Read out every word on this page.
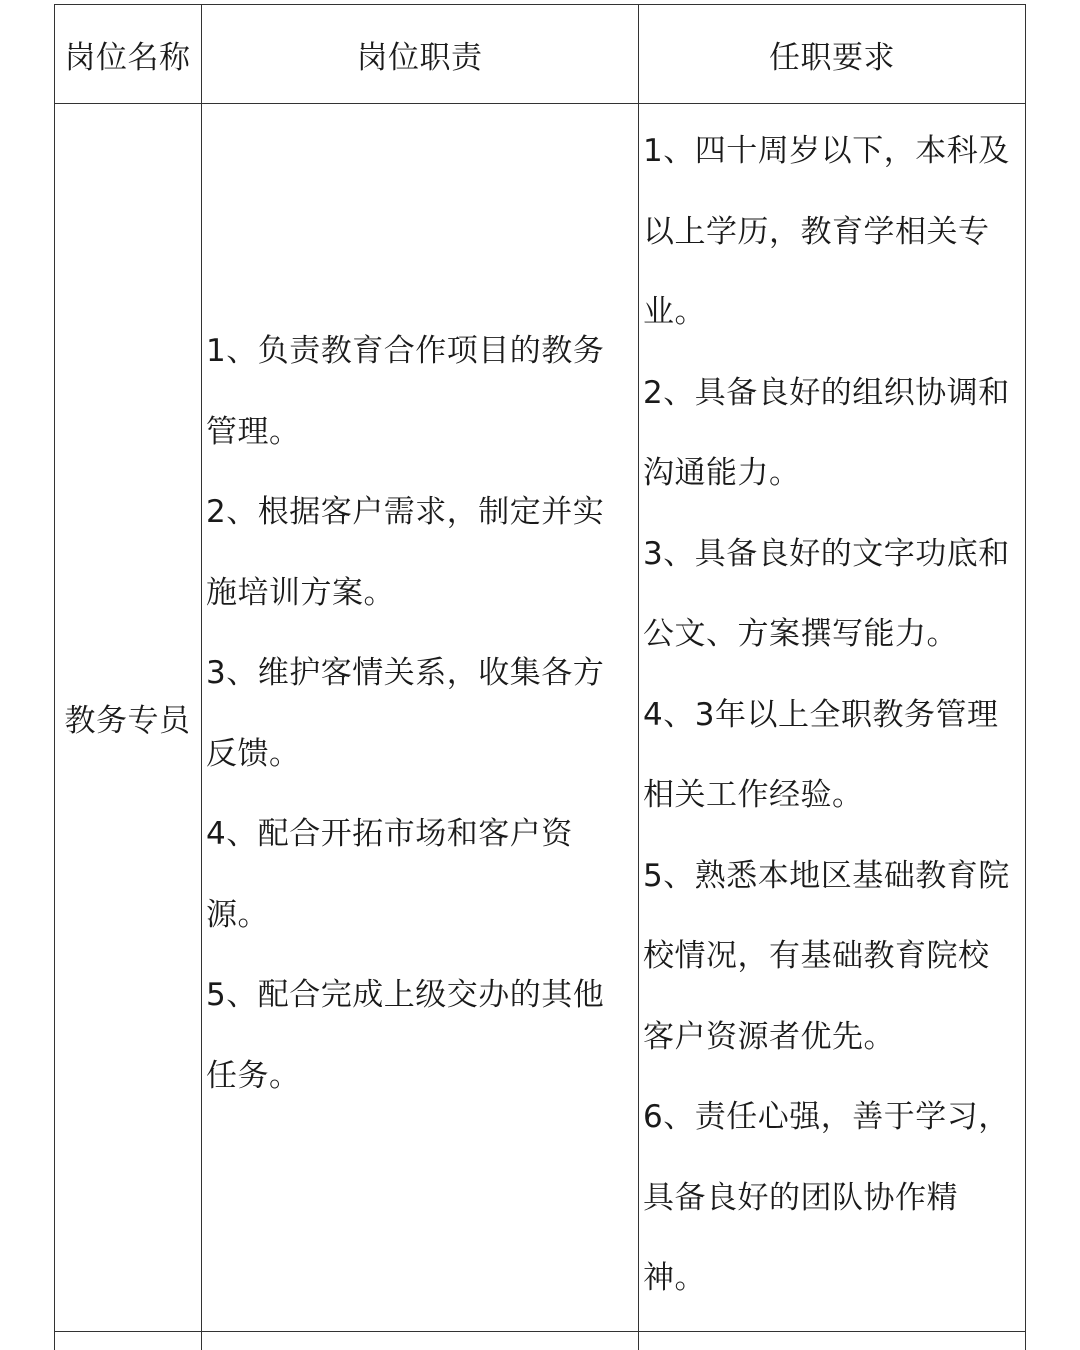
岗位名称	岗位职责	任职要求
教务专员
1、负责教育合作项目的教务
管理。
2、根据客户需求，制定并实
施培训方案。
3、维护客情关系，收集各方
反馈。
4、配合开拓市场和客户资
源。
5、配合完成上级交办的其他
任务。
1、四十周岁以下，本科及
以上学历，教育学相关专
业。
2、具备良好的组织协调和
沟通能力。
3、具备良好的文字功底和
公文、方案撰写能力。
4、3年以上全职教务管理
相关工作经验。
5、熟悉本地区基础教育院
校情况，有基础教育院校
客户资源者优先。
6、责任心强，善于学习，
具备良好的团队协作精
神。
